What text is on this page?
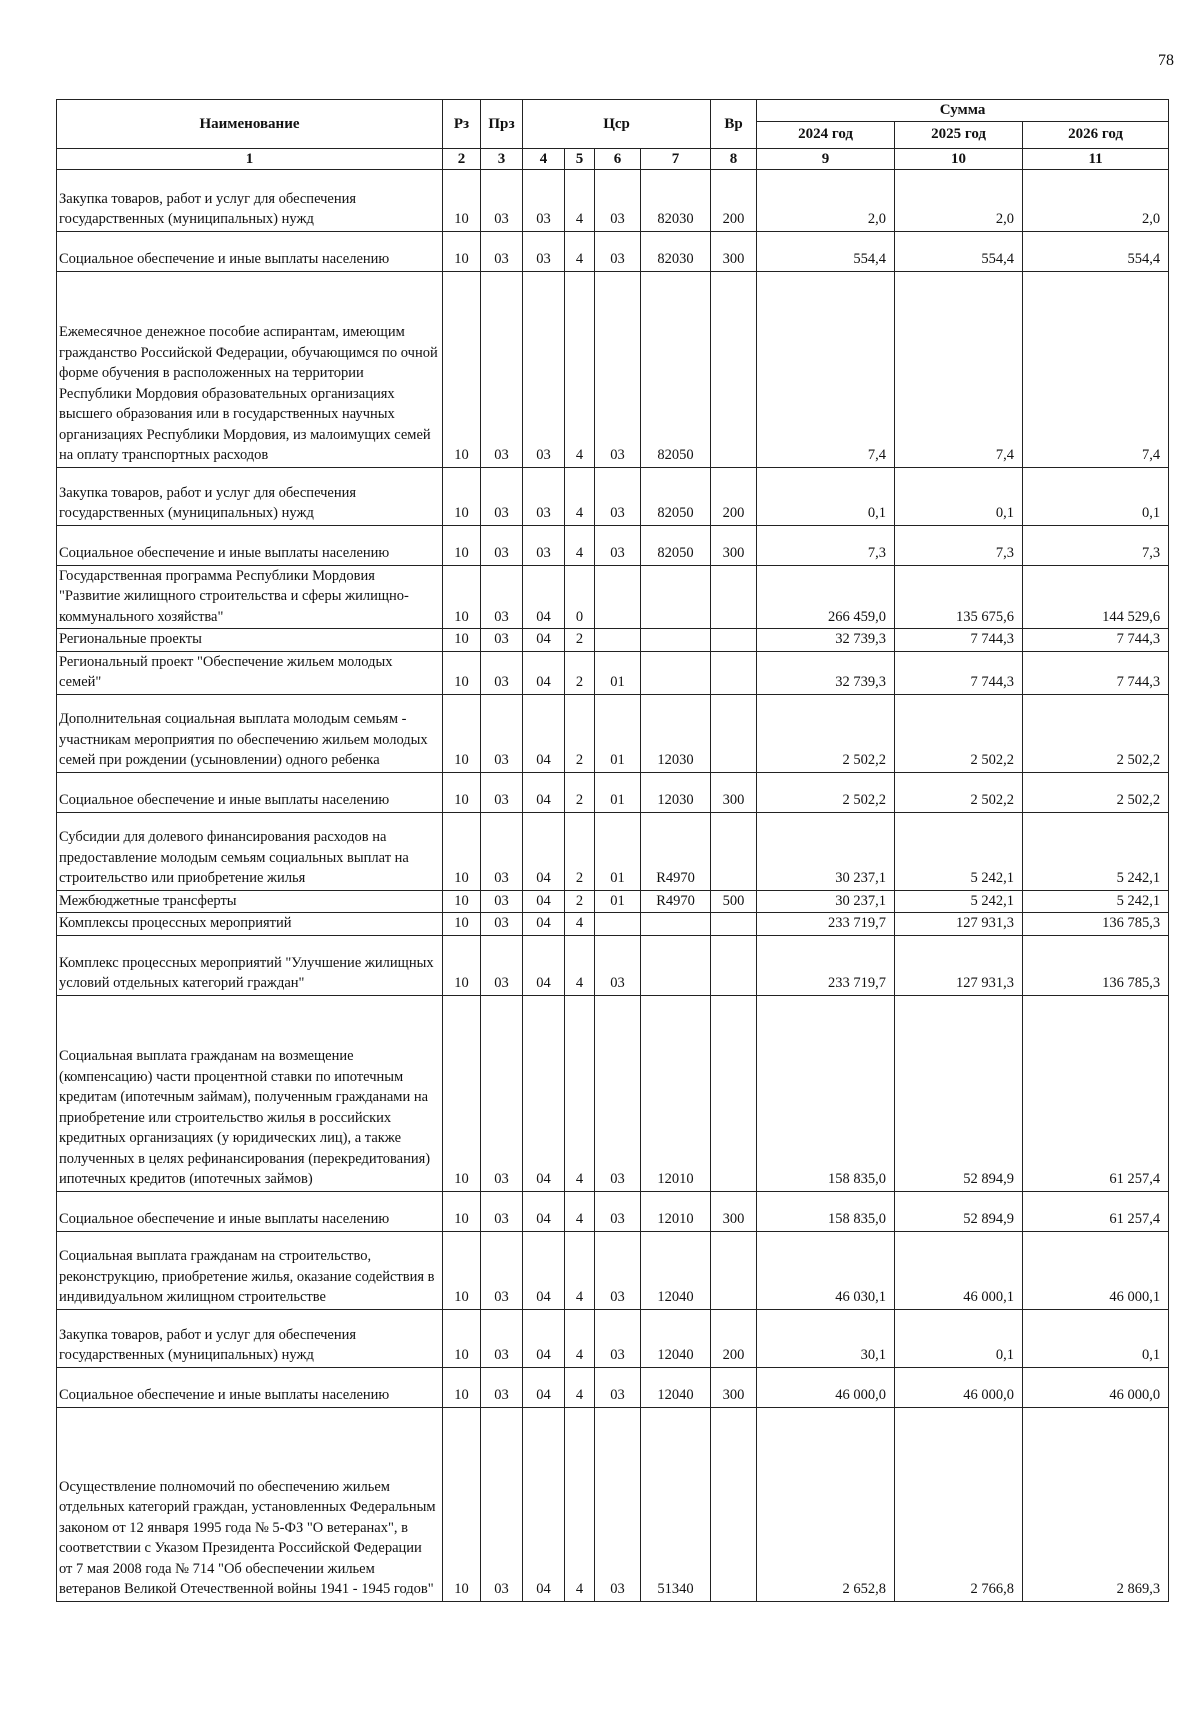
78
Наименование	Рз	Прз	Цср				Вр	Сумма		
								2024 год	2025 год	2026 год
1	2	3	4	5	6	7	8	9	10	11
Закупка товаров, работ и услуг для обеспечения государственных (муниципальных) нужд	10	03	03	4	03	82030	200	2,0	2,0	2,0
Социальное обеспечение и иные выплаты населению	10	03	03	4	03	82030	300	554,4	554,4	554,4
Ежемесячное денежное пособие аспирантам, имеющим гражданство Российской Федерации, обучающимся по очной форме обучения в расположенных на территории Республики Мордовия образовательных организациях высшего образования или в государственных научных организациях Республики Мордовия, из малоимущих семей на оплату транспортных расходов	10	03	03	4	03	82050		7,4	7,4	7,4
Закупка товаров, работ и услуг для обеспечения государственных (муниципальных) нужд	10	03	03	4	03	82050	200	0,1	0,1	0,1
Социальное обеспечение и иные выплаты населению	10	03	03	4	03	82050	300	7,3	7,3	7,3
Государственная программа Республики Мордовия "Развитие жилищного строительства и сферы жилищно-коммунального хозяйства"	10	03	04	0				266 459,0	135 675,6	144 529,6
Региональные проекты	10	03	04	2				32 739,3	7 744,3	7 744,3
Региональный проект "Обеспечение жильем молодых семей"	10	03	04	2	01			32 739,3	7 744,3	7 744,3
Дополнительная социальная выплата молодым семьям - участникам мероприятия по обеспечению жильем молодых семей при рождении (усыновлении) одного ребенка	10	03	04	2	01	12030		2 502,2	2 502,2	2 502,2
Социальное обеспечение и иные выплаты населению	10	03	04	2	01	12030	300	2 502,2	2 502,2	2 502,2
Субсидии для долевого финансирования расходов на предоставление молодым семьям социальных выплат на строительство или приобретение жилья	10	03	04	2	01	R4970		30 237,1	5 242,1	5 242,1
Межбюджетные трансферты	10	03	04	2	01	R4970	500	30 237,1	5 242,1	5 242,1
Комплексы процессных мероприятий	10	03	04	4				233 719,7	127 931,3	136 785,3
Комплекс процессных мероприятий "Улучшение жилищных условий отдельных категорий граждан"	10	03	04	4	03			233 719,7	127 931,3	136 785,3
Социальная выплата гражданам на возмещение (компенсацию) части процентной ставки по ипотечным кредитам (ипотечным займам), полученным гражданами на приобретение или строительство жилья в российских кредитных организациях (у юридических лиц), а также полученных в целях рефинансирования (перекредитования) ипотечных кредитов (ипотечных займов)	10	03	04	4	03	12010		158 835,0	52 894,9	61 257,4
Социальное обеспечение и иные выплаты населению	10	03	04	4	03	12010	300	158 835,0	52 894,9	61 257,4
Социальная выплата гражданам на строительство, реконструкцию, приобретение жилья, оказание содействия в индивидуальном жилищном строительстве	10	03	04	4	03	12040		46 030,1	46 000,1	46 000,1
Закупка товаров, работ и услуг для обеспечения государственных (муниципальных) нужд	10	03	04	4	03	12040	200	30,1	0,1	0,1
Социальное обеспечение и иные выплаты населению	10	03	04	4	03	12040	300	46 000,0	46 000,0	46 000,0
Осуществление полномочий по обеспечению жильем отдельных категорий граждан, установленных Федеральным законом от 12 января 1995 года № 5-ФЗ "О ветеранах", в соответствии с Указом Президента Российской Федерации от 7 мая 2008 года № 714 "Об обеспечении жильем ветеранов Великой Отечественной войны 1941 - 1945 годов"	10	03	04	4	03	51340		2 652,8	2 766,8	2 869,3
